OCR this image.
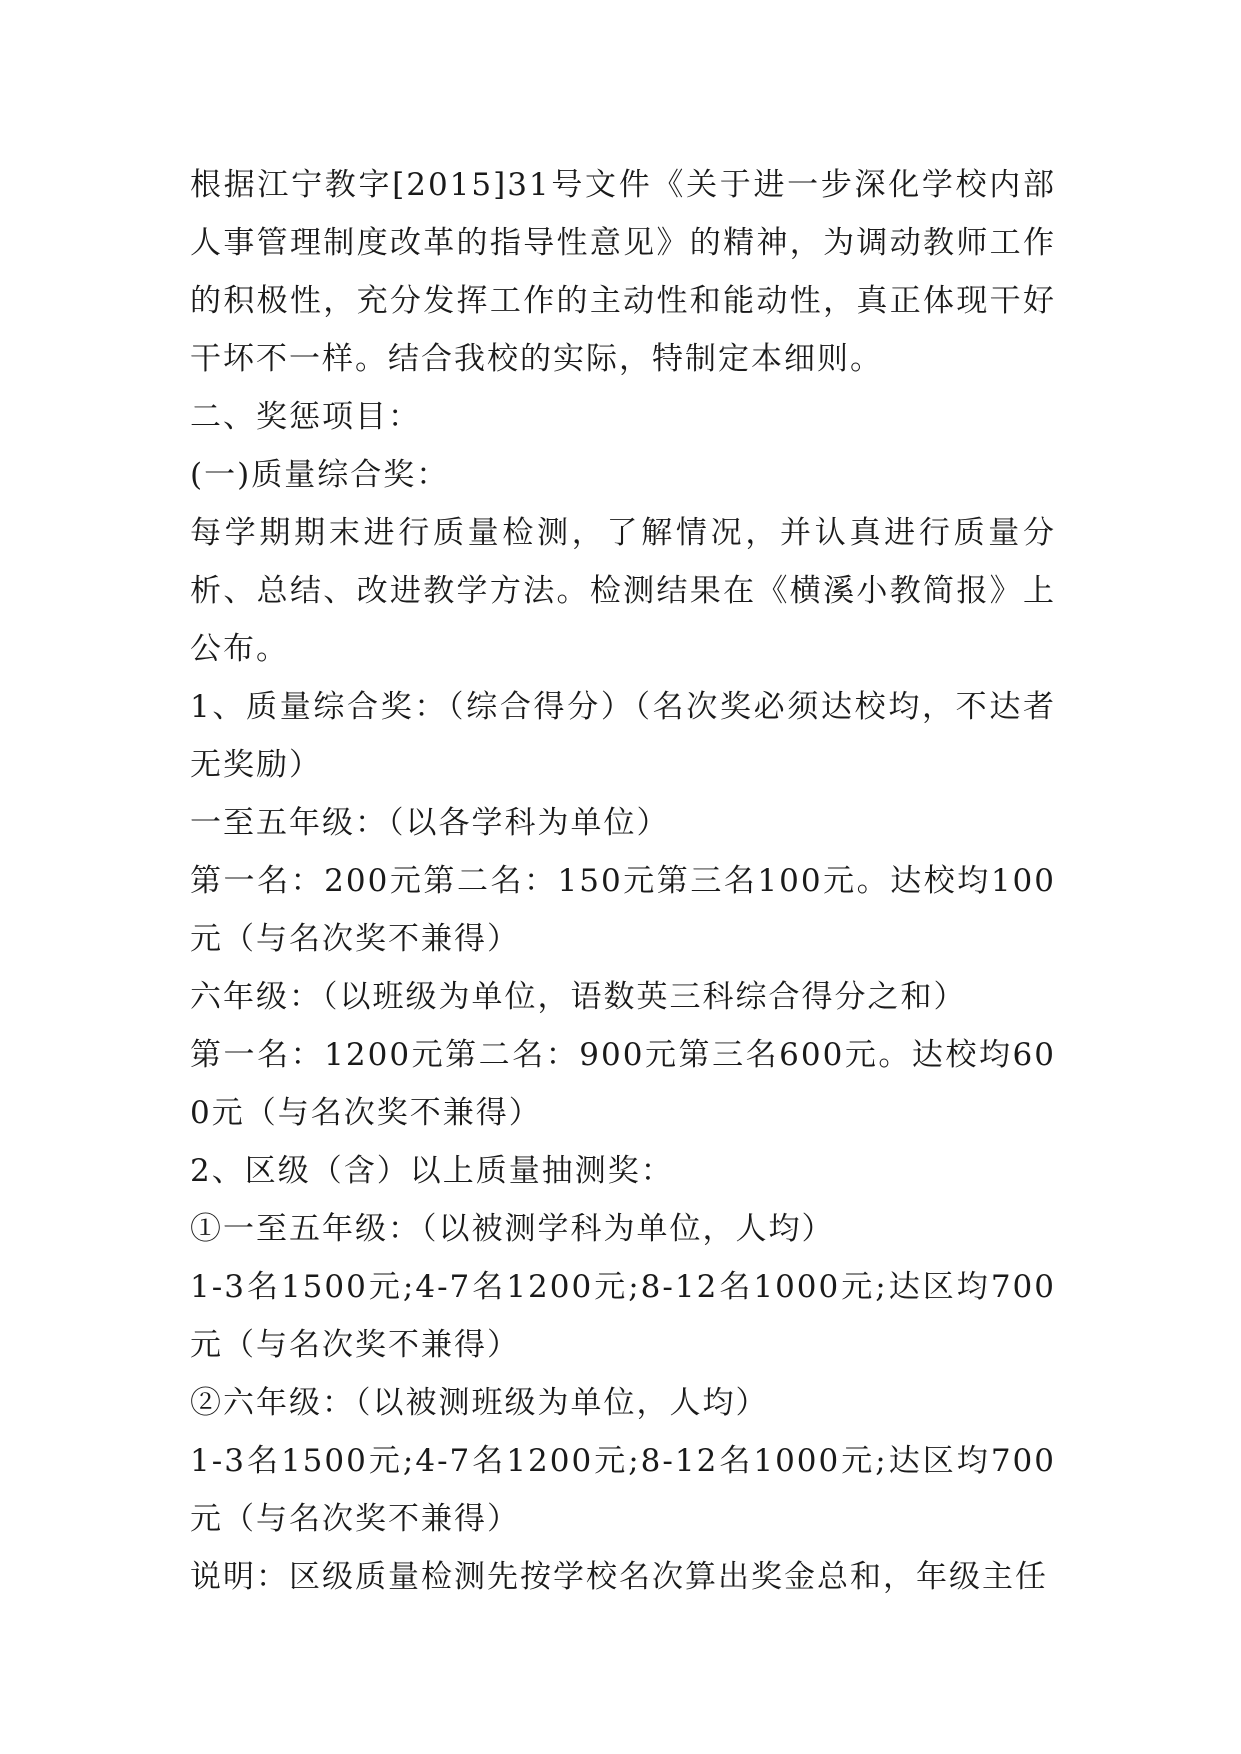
根据江宁教字[2015]31号文件《关于进一步深化学校内部人事管理制度改革的指导性意见》的精神，为调动教师工作的积极性，充分发挥工作的主动性和能动性，真正体现干好干坏不一样。结合我校的实际，特制定本细则。

二、奖惩项目：

(一)质量综合奖：

每学期期末进行质量检测，了解情况，并认真进行质量分析、总结、改进教学方法。检测结果在《横溪小教简报》上公布。

1、质量综合奖：（综合得分）（名次奖必须达校均，不达者无奖励）

一至五年级：（以各学科为单位）

第一名：200元第二名：150元第三名100元。达校均100元（与名次奖不兼得）

六年级：（以班级为单位，语数英三科综合得分之和）

第一名：1200元第二名：900元第三名600元。达校均600元（与名次奖不兼得）

2、区级（含）以上质量抽测奖：

①一至五年级：（以被测学科为单位，人均）

1-3名1500元;4-7名1200元;8-12名1000元;达区均700元（与名次奖不兼得）

②六年级：（以被测班级为单位，人均）

1-3名1500元;4-7名1200元;8-12名1000元;达区均700元（与名次奖不兼得）

说明：区级质量检测先按学校名次算出奖金总和，年级主任
